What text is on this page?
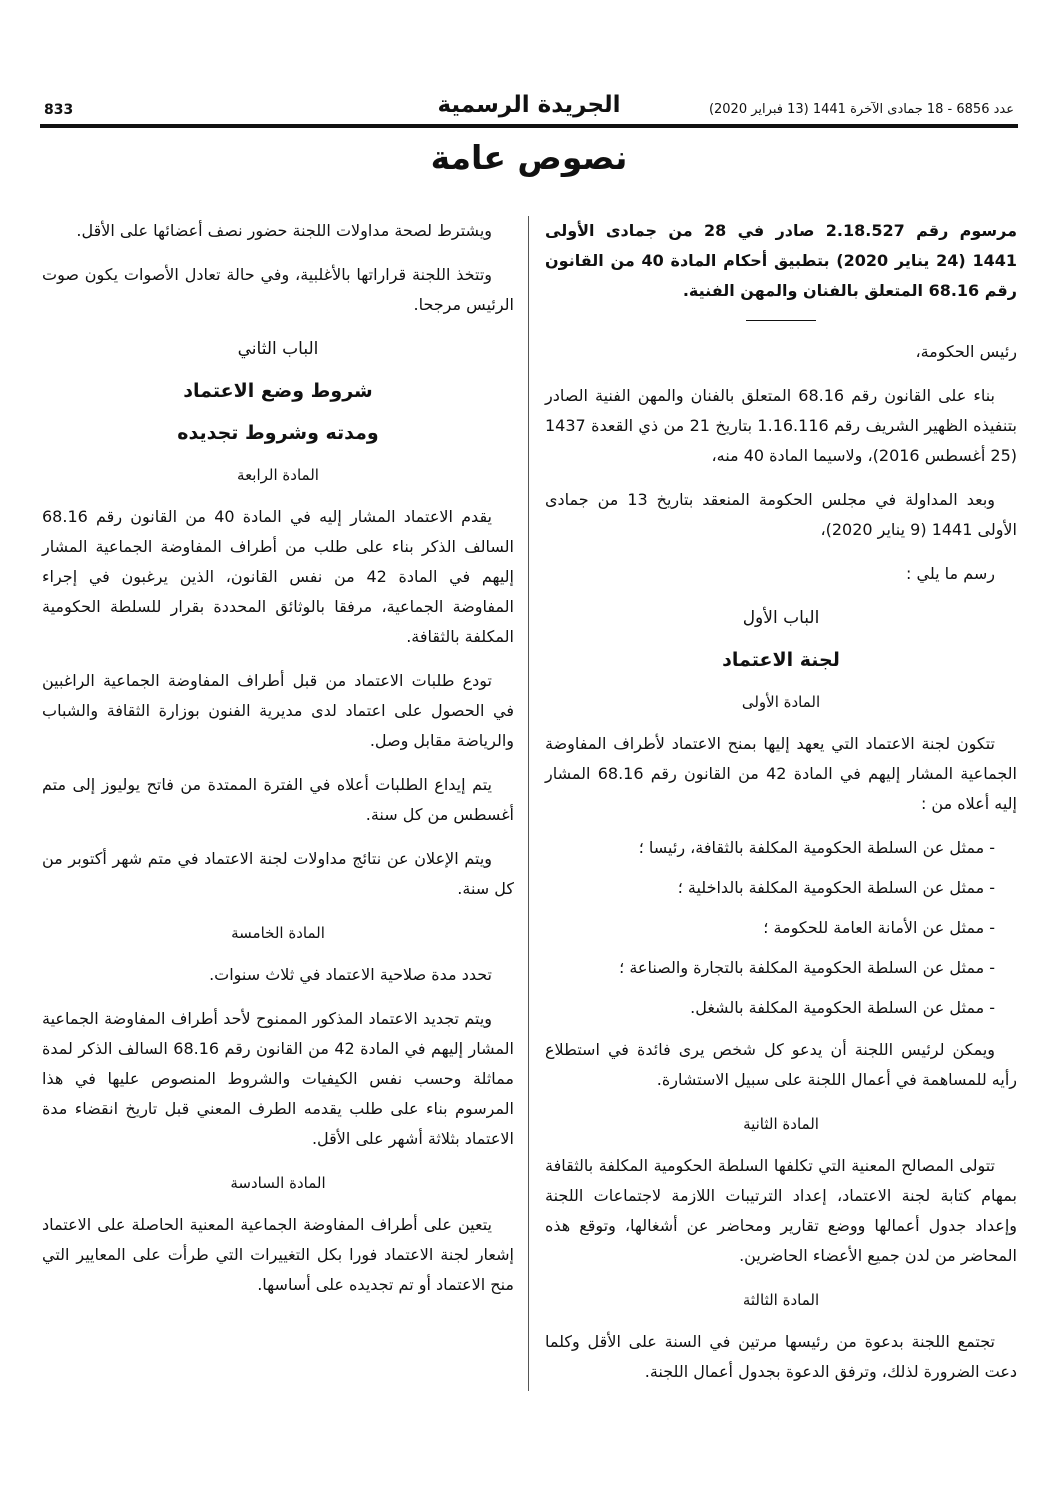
833	الجريدة الرسمية	عدد 6856 - 18 جمادى الآخرة 1441 (13 فبراير 2020)
نصوص عامة

مرسوم رقم 2.18.527 صادر في 28 من جمادى الأولى 1441 (24 يناير 2020) بتطبيق أحكام المادة 40 من القانون رقم 68.16 المتعلق بالفنان والمهن الفنية.

رئيس الحكومة،

بناء على القانون رقم 68.16 المتعلق بالفنان والمهن الفنية الصادر بتنفيذه الظهير الشريف رقم 1.16.116 بتاريخ 21 من ذي القعدة 1437 (25 أغسطس 2016)، ولاسيما المادة 40 منه،

وبعد المداولة في مجلس الحكومة المنعقد بتاريخ 13 من جمادى الأولى 1441 (9 يناير 2020)،

رسم ما يلي :

الباب الأول

لجنة الاعتماد

المادة الأولى

تتكون لجنة الاعتماد التي يعهد إليها بمنح الاعتماد لأطراف المفاوضة الجماعية المشار إليهم في المادة 42 من القانون رقم 68.16 المشار إليه أعلاه من :

- ممثل عن السلطة الحكومية المكلفة بالثقافة، رئيسا ؛
- ممثل عن السلطة الحكومية المكلفة بالداخلية ؛
- ممثل عن الأمانة العامة للحكومة ؛
- ممثل عن السلطة الحكومية المكلفة بالتجارة والصناعة ؛
- ممثل عن السلطة الحكومية المكلفة بالشغل.

ويمكن لرئيس اللجنة أن يدعو كل شخص يرى فائدة في استطلاع رأيه للمساهمة في أعمال اللجنة على سبيل الاستشارة.

المادة الثانية

تتولى المصالح المعنية التي تكلفها السلطة الحكومية المكلفة بالثقافة بمهام كتابة لجنة الاعتماد، إعداد الترتيبات اللازمة لاجتماعات اللجنة وإعداد جدول أعمالها ووضع تقارير ومحاضر عن أشغالها، وتوقع هذه المحاضر من لدن جميع الأعضاء الحاضرين.

المادة الثالثة

تجتمع اللجنة بدعوة من رئيسها مرتين في السنة على الأقل وكلما دعت الضرورة لذلك، وترفق الدعوة بجدول أعمال اللجنة.

ويشترط لصحة مداولات اللجنة حضور نصف أعضائها على الأقل.

وتتخذ اللجنة قراراتها بالأغلبية، وفي حالة تعادل الأصوات يكون صوت الرئيس مرجحا.

الباب الثاني

شروط وضع الاعتماد

ومدته وشروط تجديده

المادة الرابعة

يقدم الاعتماد المشار إليه في المادة 40 من القانون رقم 68.16 السالف الذكر بناء على طلب من أطراف المفاوضة الجماعية المشار إليهم في المادة 42 من نفس القانون، الذين يرغبون في إجراء المفاوضة الجماعية، مرفقا بالوثائق المحددة بقرار للسلطة الحكومية المكلفة بالثقافة.

تودع طلبات الاعتماد من قبل أطراف المفاوضة الجماعية الراغبين في الحصول على اعتماد لدى مديرية الفنون بوزارة الثقافة والشباب والرياضة مقابل وصل.

يتم إيداع الطلبات أعلاه في الفترة الممتدة من فاتح يوليوز إلى متم أغسطس من كل سنة.

ويتم الإعلان عن نتائج مداولات لجنة الاعتماد في متم شهر أكتوبر من كل سنة.

المادة الخامسة

تحدد مدة صلاحية الاعتماد في ثلاث سنوات.

ويتم تجديد الاعتماد المذكور الممنوح لأحد أطراف المفاوضة الجماعية المشار إليهم في المادة 42 من القانون رقم 68.16 السالف الذكر لمدة مماثلة وحسب نفس الكيفيات والشروط المنصوص عليها في هذا المرسوم بناء على طلب يقدمه الطرف المعني قبل تاريخ انقضاء مدة الاعتماد بثلاثة أشهر على الأقل.

المادة السادسة

يتعين على أطراف المفاوضة الجماعية المعنية الحاصلة على الاعتماد إشعار لجنة الاعتماد فورا بكل التغييرات التي طرأت على المعايير التي منح الاعتماد أو تم تجديده على أساسها.
